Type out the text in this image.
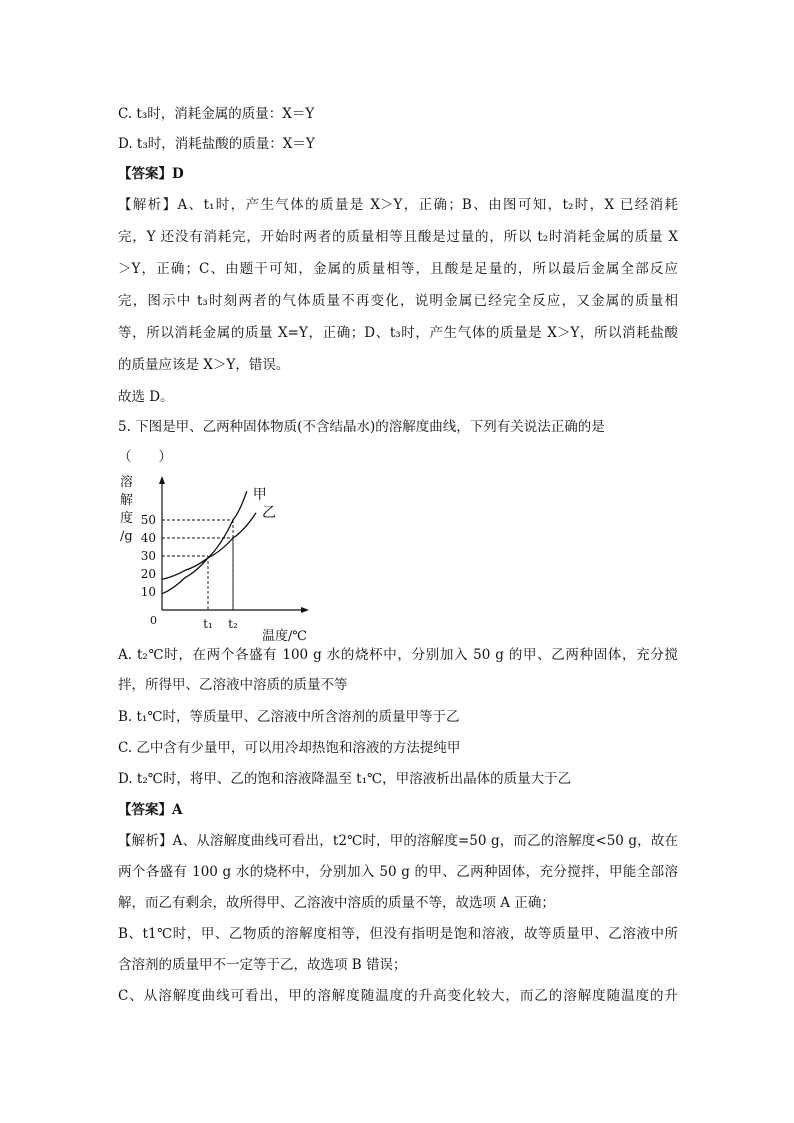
C. t₃时，消耗金属的质量：X＝Y
D. t₃时，消耗盐酸的质量：X＝Y
【答案】D
【解析】A、t₁时，产生气体的质量是 X＞Y，正确；B、由图可知，t₂时，X 已经消耗
完，Y 还没有消耗完，开始时两者的质量相等且酸是过量的，所以 t₂时消耗金属的质量 X
＞Y，正确；C、由题干可知，金属的质量相等，且酸是足量的，所以最后金属全部反应
完，图示中 t₃时刻两者的气体质量不再变化，说明金属已经完全反应，又金属的质量相
等，所以消耗金属的质量 X=Y，正确；D、t₃时，产生气体的质量是 X＞Y，所以消耗盐酸
的质量应该是 X＞Y，错误。
故选 D。
5. 下图是甲、乙两种固体物质(不含结晶水)的溶解度曲线，下列有关说法正确的是
（　　）
溶
解
度
/g
0
10
20
30
40
50
t₁ t₂
温度/℃
甲
乙
A. t₂℃时，在两个各盛有 100 g 水的烧杯中，分别加入 50 g 的甲、乙两种固体，充分搅
拌，所得甲、乙溶液中溶质的质量不等
B. t₁℃时，等质量甲、乙溶液中所含溶剂的质量甲等于乙
C. 乙中含有少量甲，可以用冷却热饱和溶液的方法提纯甲
D. t₂℃时，将甲、乙的饱和溶液降温至 t₁℃，甲溶液析出晶体的质量大于乙
【答案】A
【解析】A、从溶解度曲线可看出，t2℃时，甲的溶解度=50 g，而乙的溶解度<50 g，故在
两个各盛有 100 g 水的烧杯中，分别加入 50 g 的甲、乙两种固体，充分搅拌，甲能全部溶
解，而乙有剩余，故所得甲、乙溶液中溶质的质量不等，故选项 A 正确；
B、t1℃时，甲、乙物质的溶解度相等，但没有指明是饱和溶液，故等质量甲、乙溶液中所
含溶剂的质量甲不一定等于乙，故选项 B 错误；
C、从溶解度曲线可看出，甲的溶解度随温度的升高变化较大，而乙的溶解度随温度的升
